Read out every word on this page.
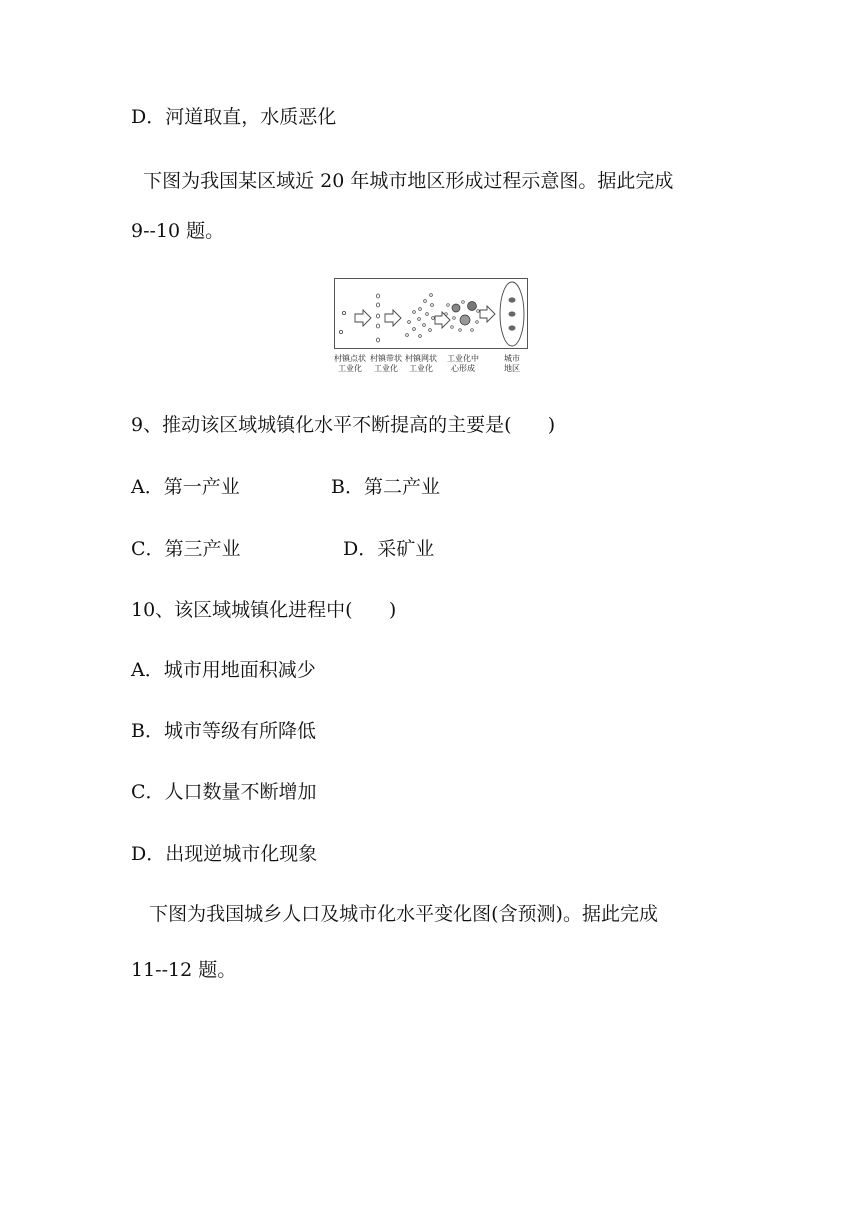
D．河道取直，水质恶化
下图为我国某区域近 20 年城市地区形成过程示意图。据此完成
9--10 题。
村镇点状
工业化
村镇带状
工业化
村镇网状
工业化
工业化中
心形成
城市
地区
9、推动该区域城镇化水平不断提高的主要是(      )
A．第一产业	B．第二产业
C．第三产业	D．采矿业
10、该区域城镇化进程中(      )
A．城市用地面积减少
B．城市等级有所降低
C．人口数量不断增加
D．出现逆城市化现象
下图为我国城乡人口及城市化水平变化图(含预测)。据此完成
11--12 题。
